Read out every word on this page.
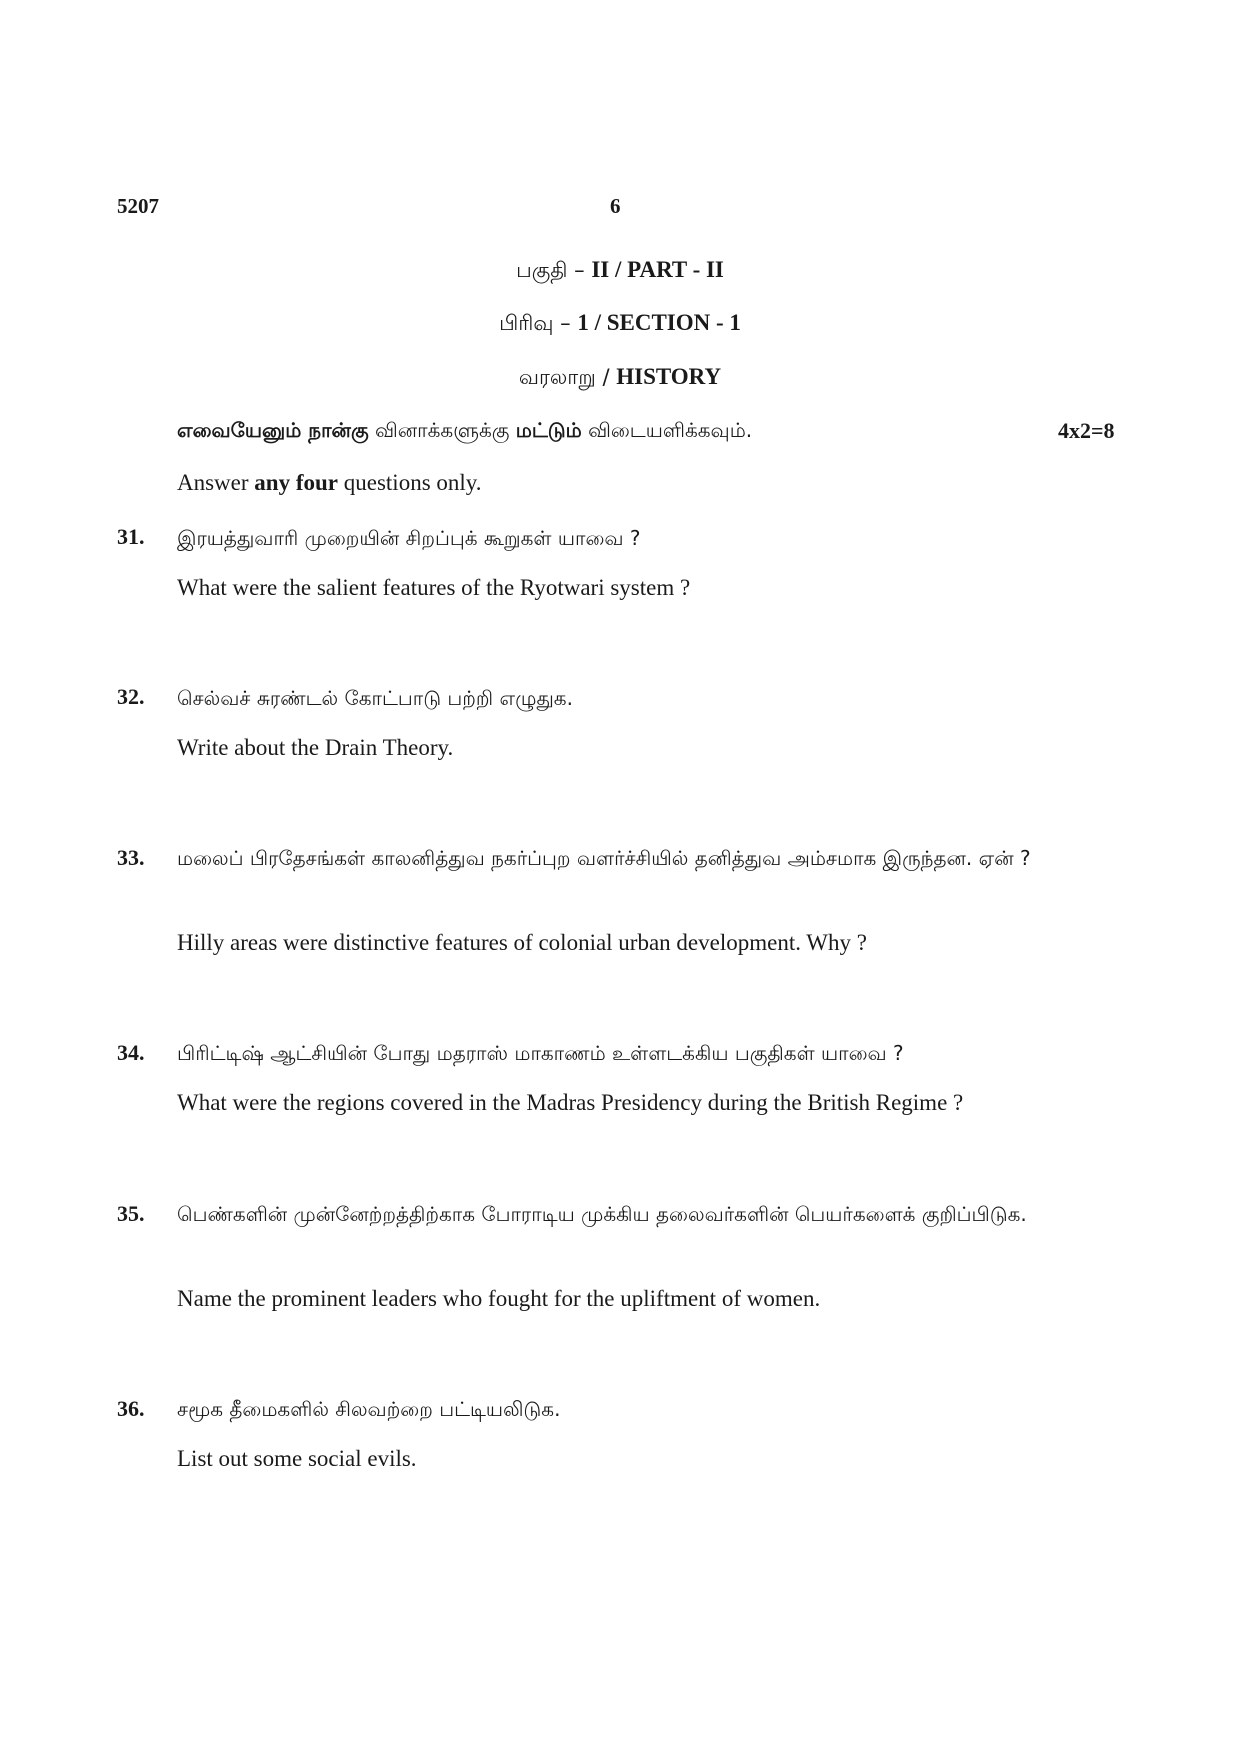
5207	6
பகுதி – II / PART - II
பிரிவு – 1 / SECTION - 1
வரலாறு / HISTORY
எவையேனும் நான்கு வினாக்களுக்கு மட்டும் விடையளிக்கவும்.	4x2=8
Answer any four questions only.
31. இரயத்துவாரி முறையின் சிறப்புக் கூறுகள் யாவை ?
What were the salient features of the Ryotwari system ?
32. செல்வச் சுரண்டல் கோட்பாடு பற்றி எழுதுக.
Write about the Drain Theory.
33. மலைப் பிரதேசங்கள் காலனித்துவ நகர்ப்புற வளர்ச்சியில் தனித்துவ அம்சமாக இருந்தன. ஏன் ?
Hilly areas were distinctive features of colonial urban development. Why ?
34. பிரிட்டிஷ் ஆட்சியின் போது மதராஸ் மாகாணம் உள்ளடக்கிய பகுதிகள் யாவை ?
What were the regions covered in the Madras Presidency during the British Regime ?
35. பெண்களின் முன்னேற்றத்திற்காக போராடிய முக்கிய தலைவர்களின் பெயர்களைக் குறிப்பிடுக.
Name the prominent leaders who fought for the upliftment of women.
36. சமூக தீமைகளில் சிலவற்றை பட்டியலிடுக.
List out some social evils.
